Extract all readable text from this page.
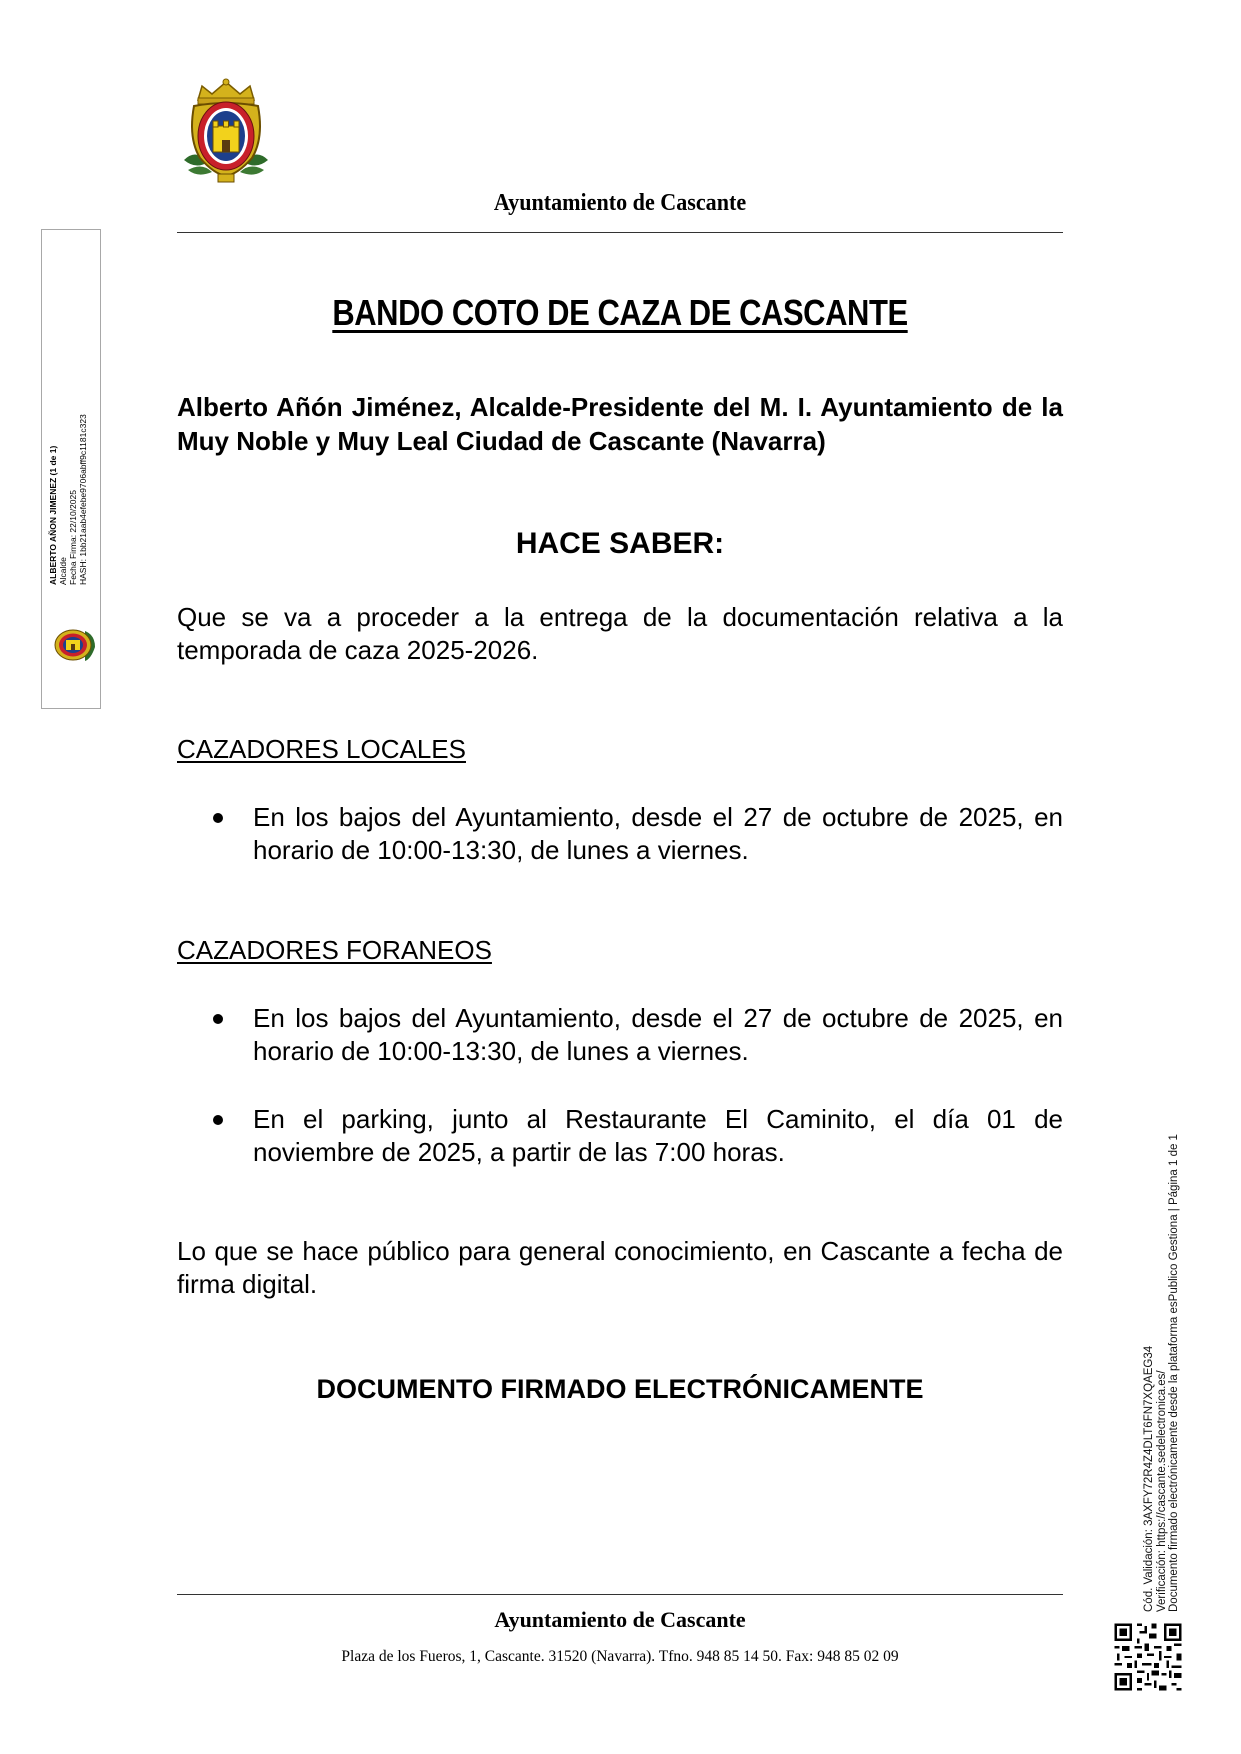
Ayuntamiento de Cascante
ALBERTO AÑON JIMENEZ (1 de 1) Alcalde Fecha Firma: 22/10/2025 HASH: 1bb21aab4efebe9706abff9c1181c323
Cód. Validación: 3AXFY72R4Z4DLT6FN7XQAEG34 Verificación: https://cascante.sedelectronica.es/ Documento firmado electrónicamente desde la plataforma esPublico Gestiona | Página 1 de 1
BANDO COTO DE CAZA DE CASCANTE
Alberto Añón Jiménez, Alcalde-Presidente del M. I. Ayuntamiento de la Muy Noble y Muy Leal Ciudad de Cascante (Navarra)
HACE SABER:
Que se va a proceder a la entrega de la documentación relativa a la temporada de caza 2025-2026.
CAZADORES LOCALES
En los bajos del Ayuntamiento, desde el 27 de octubre de 2025, en horario de 10:00-13:30, de lunes a viernes.
CAZADORES FORANEOS
En los bajos del Ayuntamiento, desde el 27 de octubre de 2025, en horario de 10:00-13:30, de lunes a viernes.
En el parking, junto al Restaurante El Caminito, el día 01 de noviembre de 2025, a partir de las 7:00 horas.
Lo que se hace público para general conocimiento, en Cascante a fecha de firma digital.
DOCUMENTO FIRMADO ELECTRÓNICAMENTE
Ayuntamiento de Cascante
Plaza de los Fueros, 1, Cascante. 31520 (Navarra). Tfno. 948 85 14 50. Fax: 948 85 02 09
